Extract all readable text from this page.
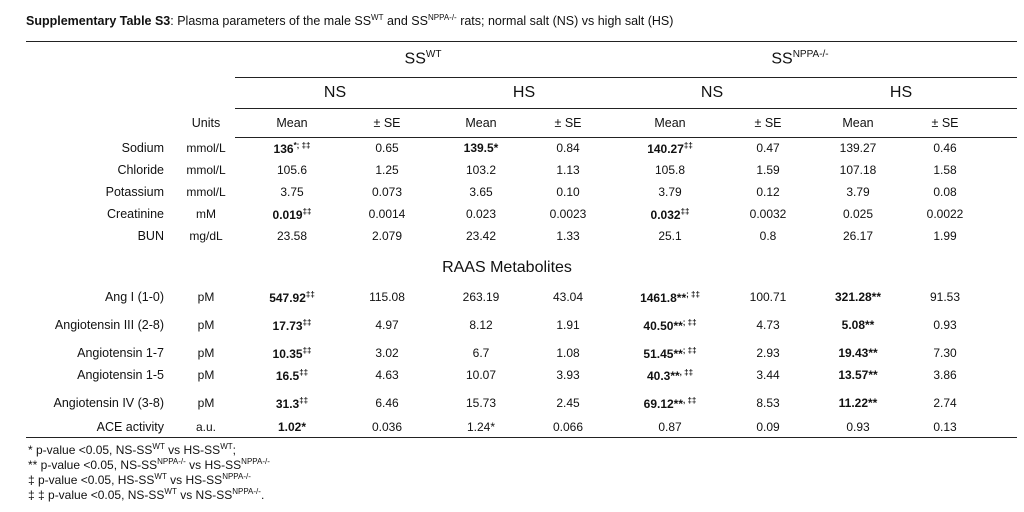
Supplementary Table S3: Plasma parameters of the male $SS^{WT}$ and $SS^{NPPA-/-}$ rats; normal salt (NS) vs high salt (HS)
$SS^{WT}$	$SS^{NPPA-/-}$
NS	HS	NS	HS
Units	Mean	± SE	Mean	± SE	Mean	± SE	Mean	± SE
RAAS Metabolites
Sodium mmol/L	136*; ‡‡	0.65	139.5*	0.84	140.27‡‡	0.47	139.27	0.46
Chloride mmol/L	105.6	1.25	103.2	1.13	105.8	1.59	107.18	1.58
Potassium mmol/L	3.75	0.073	3.65	0.10	3.79	0.12	3.79	0.08
Creatinine	mM	0.019‡‡	0.0014	0.023	0.0023	0.032‡‡	0.0032	0.025	0.0022
BUN mg/dL	23.58	2.079	23.42	1.33	25.1	0.8	26.17	1.99
Ang I (1-0)	pM	547.92‡‡	115.08	263.19	43.04	1461.8**; ‡‡	100.71	321.28**	91.53
Angiotensin III (2-8)	pM	17.73‡‡	4.97	8.12	1.91	40.50**; ‡‡	4.73	5.08**	0.93
Angiotensin 1-7	pM	10.35‡‡	3.02	6.7	1.08	51.45**; ‡‡	2.93	19.43**	7.30
Angiotensin 1-5	pM	16.5‡‡	4.63	10.07	3.93	40.3**, ‡‡	3.44	13.57**	3.86
Angiotensin IV (3-8)	pM	31.3‡‡	6.46	15.73	2.45	69.12**, ‡‡	8.53	11.22**	2.74
ACE activity	a.u.	1.02*	0.036	1.24*	0.066	0.87	0.09	0.93	0.13
* p-value <0.05, $NS-SS^{WT}$ vs $HS-SS^{WT}$;
** p-value <0.05, $NS-SS^{NPPA-/-}$ vs $HS-SS^{NPPA-/-}$
‡ p-value <0.05, $HS-SS^{WT}$ vs $HS-SS^{NPPA-/-}$
‡ ‡ p-value <0.05, $NS-SS^{WT}$ vs $NS-SS^{NPPA-/-}$.
